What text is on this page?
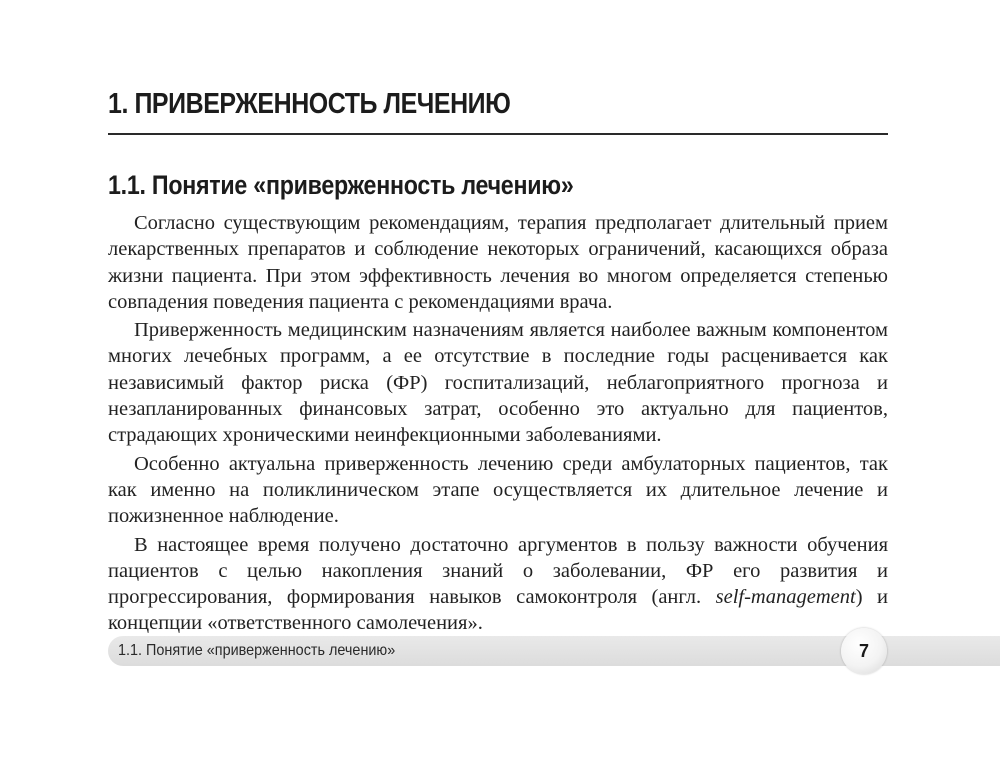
1. ПРИВЕРЖЕННОСТЬ ЛЕЧЕНИЮ
1.1. Понятие «приверженность лечению»

Согласно существующим рекомендациям, терапия предполагает длительный прием лекарственных препаратов и соблюдение некоторых ограничений, касающихся образа жизни пациента. При этом эффективность лечения во многом определяется степенью совпадения поведения пациента с рекомендациями врача.

Приверженность медицинским назначениям является наиболее важным компонентом многих лечебных программ, а ее отсутствие в последние годы расценивается как независимый фактор риска (ФР) госпитализаций, неблагоприятного прогноза и незапланированных финансовых затрат, особенно это актуально для пациентов, страдающих хроническими неинфекционными заболеваниями.

Особенно актуальна приверженность лечению среди амбулаторных пациентов, так как именно на поликлиническом этапе осуществляется их длительное лечение и пожизненное наблюдение.

В настоящее время получено достаточно аргументов в пользу важности обучения пациентов с целью накопления знаний о заболевании, ФР его развития и прогрессирования, формирования навыков самоконтроля (англ. self-management) и концепции «ответственного самолечения».

1.1. Понятие «приверженность лечению»	7
